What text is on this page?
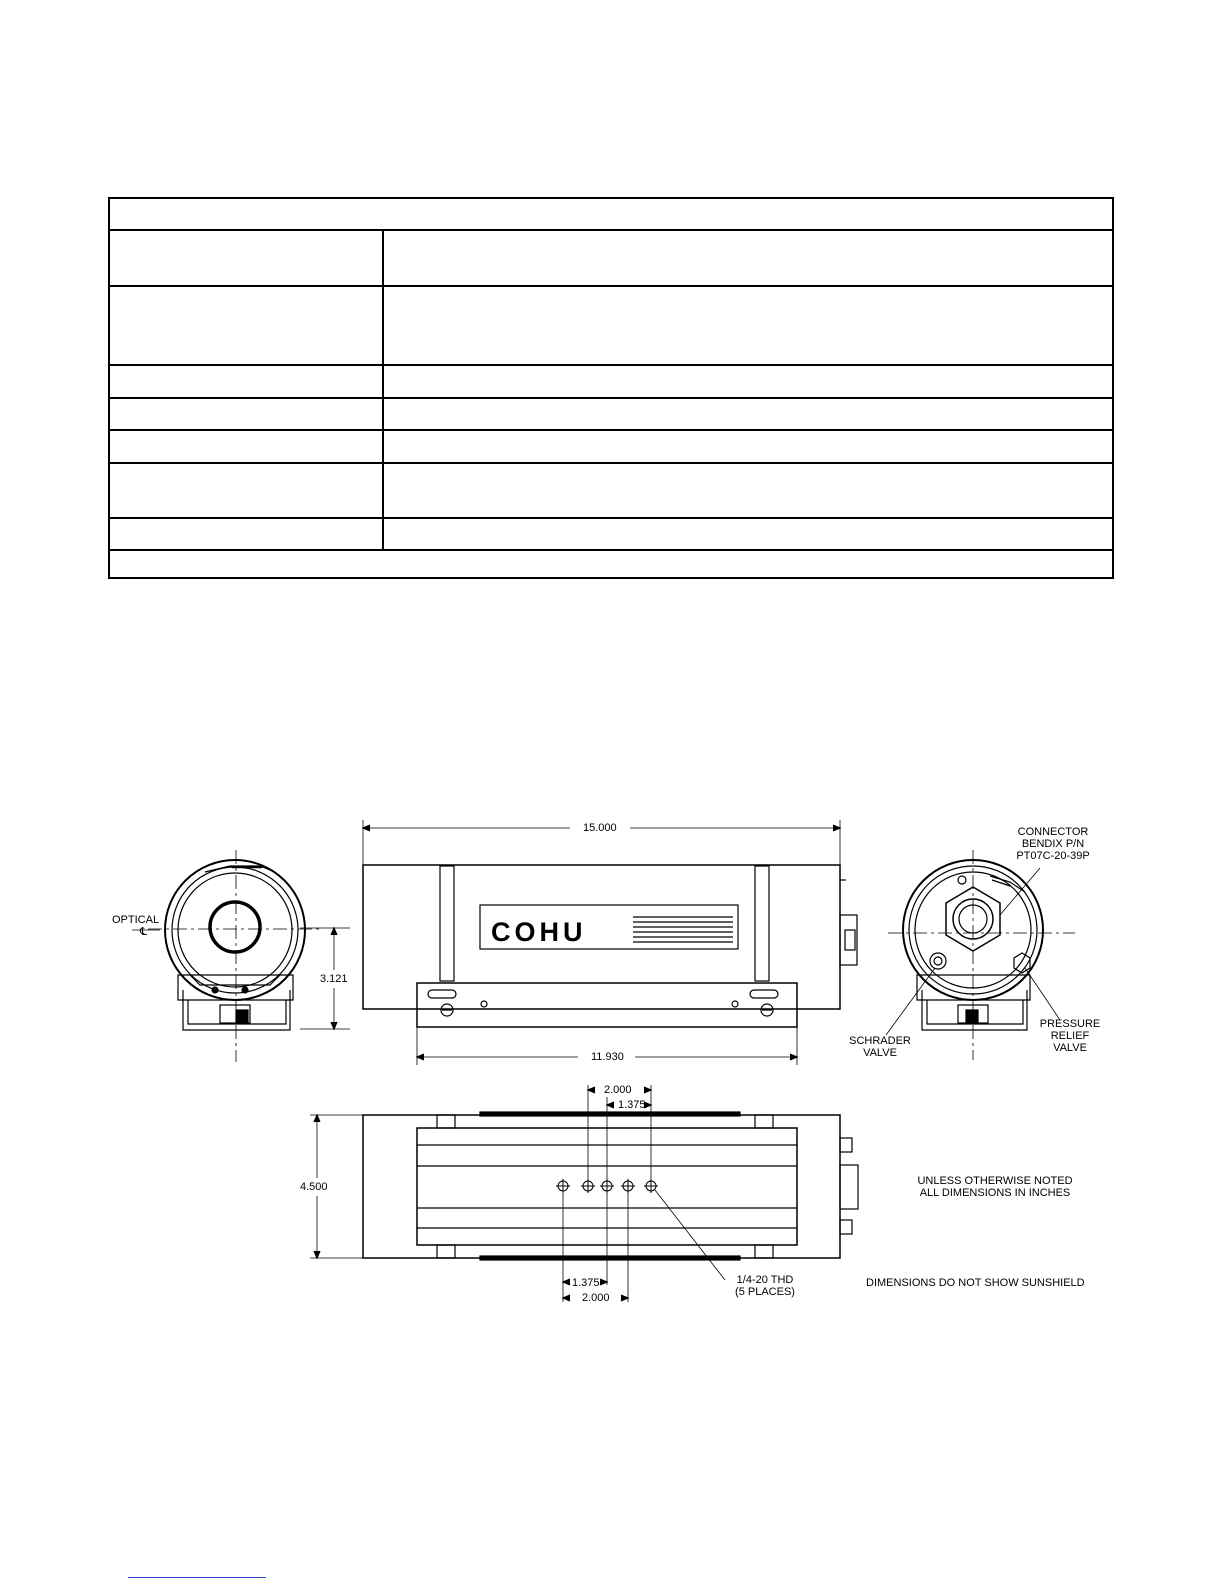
COHU
15.000
11.930
3.121
4.500
2.000
1.375
1.375
2.000
OPTICAL
℄
CONNECTOR
BENDIX P/N
PT07C-20-39P
SCHRADER
VALVE
PRESSURE
RELIEF
VALVE
1/4-20 THD
(5 PLACES)
UNLESS OTHERWISE NOTED
ALL DIMENSIONS IN INCHES
DIMENSIONS DO NOT SHOW SUNSHIELD
